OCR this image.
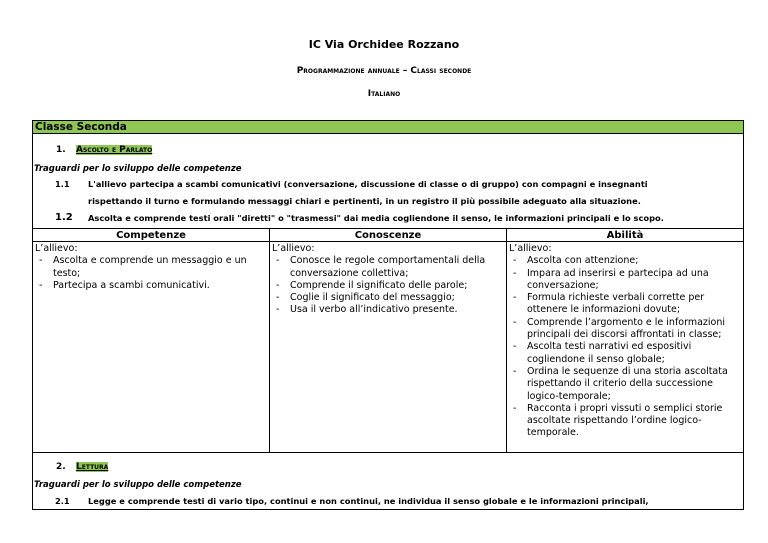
IC Via Orchidee Rozzano
Programmazione annuale – Classi seconde
Italiano
Classe Seconda
1. Ascolto e Parlato
Traguardi per lo sviluppo delle competenze
1.1 L'allievo partecipa a scambi comunicativi (conversazione, discussione di classe o di gruppo) con compagni e insegnanti
rispettando il turno e formulando messaggi chiari e pertinenti, in un registro il più possibile adeguato alla situazione.
1.2 Ascolta e comprende testi orali "diretti" o "trasmessi" dai media cogliendone il senso, le informazioni principali e lo scopo.
Competenze	Conoscenze	Abilità
L’allievo:
- Ascolta e comprende un messaggio e un testo;
- Partecipa a scambi comunicativi.
L’allievo:
- Conosce le regole comportamentali della conversazione collettiva;
- Comprende il significato delle parole;
- Coglie il significato del messaggio;
- Usa il verbo all’indicativo presente.
L’allievo:
- Ascolta con attenzione;
- Impara ad inserirsi e partecipa ad una conversazione;
- Formula richieste verbali corrette per ottenere le informazioni dovute;
- Comprende l’argomento e le informazioni principali dei discorsi affrontati in classe;
- Ascolta testi narrativi ed espositivi cogliendone il senso globale;
- Ordina le sequenze di una storia ascoltata rispettando il criterio della successione logico-temporale;
- Racconta i propri vissuti o semplici storie ascoltate rispettando l’ordine logico-temporale.
2. Lettura
Traguardi per lo sviluppo delle competenze
2.1 Legge e comprende testi di vario tipo, continui e non continui, ne individua il senso globale e le informazioni principali,
